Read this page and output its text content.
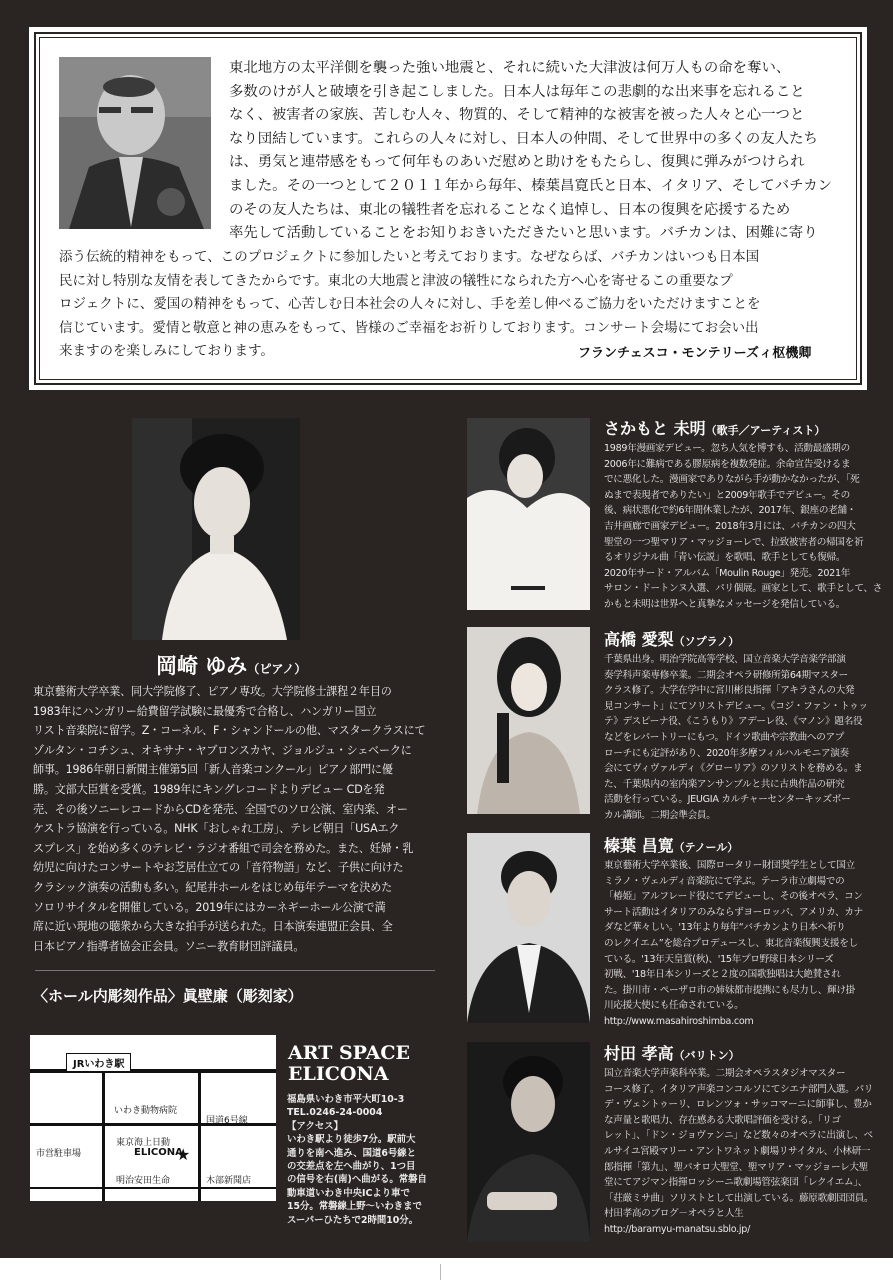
東北地方の太平洋側を襲った強い地震と、それに続いた大津波は何万人もの命を奪い、
多数のけが人と破壊を引き起こしました。日本人は毎年この悲劇的な出来事を忘れること
なく、被害者の家族、苦しむ人々、物質的、そして精神的な被害を被った人々と心一つと
なり団結しています。これらの人々に対し、日本人の仲間、そして世界中の多くの友人たち
は、勇気と連帯感をもって何年ものあいだ慰めと助けをもたらし、復興に弾みがつけられ
ました。その一つとして２０１１年から毎年、榛葉昌寛氏と日本、イタリア、そしてバチカン
のその友人たちは、東北の犠牲者を忘れることなく追悼し、日本の復興を応援するため
率先して活動していることをお知りおきいただきたいと思います。バチカンは、困難に寄り
添う伝統的精神をもって、このプロジェクトに参加したいと考えております。なぜならば、バチカンはいつも日本国
民に対し特別な友情を表してきたからです。東北の大地震と津波の犠牲になられた方へ心を寄せるこの重要なプ
ロジェクトに、愛国の精神をもって、心苦しむ日本社会の人々に対し、手を差し伸べるご協力をいただけますことを
信じています。愛情と敬意と神の恵みをもって、皆様のご幸福をお祈りしております。コンサート会場にてお会い出
来ますのを楽しみにしております。	フランチェスコ・モンテリーズィ枢機卿
岡崎 ゆみ（ピアノ）
東京藝術大学卒業、同大学院修了、ピアノ専攻。大学院修士課程２年目の
1983年にハンガリー給費留学試験に最優秀で合格し、ハンガリー国立
リスト音楽院に留学。Z・コーネル、F・シャンドールの他、マスタークラスにて
ゾルタン・コチシュ、オキサナ・ヤブロンスカヤ、ジョルジュ・シェベークに
師事。1986年朝日新聞主催第5回「新人音楽コンクール」ピアノ部門に優
勝。文部大臣賞を受賞。1989年にキングレコードよりデビュー CDを発
売、その後ソニーレコードからCDを発売、全国でのソロ公演、室内楽、オー
ケストラ協演を行っている。NHK「おしゃれ工房」、テレビ朝日「USAエク
スプレス」を始め多くのテレビ・ラジオ番組で司会を務めた。また、妊婦・乳
幼児に向けたコンサートやお芝居仕立ての「音符物語」など、子供に向けた
クラシック演奏の活動も多い。紀尾井ホールをはじめ毎年テーマを決めた
ソロリサイタルを開催している。2019年にはカーネギーホール公演で満
席に近い現地の聴衆から大きな拍手が送られた。日本演奏連盟正会員、全
日本ピアノ指導者協会正会員。ソニー教育財団評議員。
〈ホール内彫刻作品〉眞壁廉（彫刻家）
JRいわき駅
いわき動物病院
国道6号線
市営駐車場
東京海上日動
ELICONA
★
明治安田生命	木部新聞店
ART SPACE
ELICONA
福島県いわき市平大町10-3
TEL.0246-24-0004
【アクセス】
いわき駅より徒歩7分。駅前大
通りを南へ進み、国道6号線と
の交差点を左へ曲がり、1つ目
の信号を右(南)へ曲がる。常磐自
動車道いわき中央ICより車で
15分。常磐線上野～いわきまで
スーパーひたちで2時間10分。
さかもと 未明（歌手／アーティスト）
1989年漫画家デビュー。忽ち人気を博すも、活動最盛期の
2006年に難病である膠原病を複数発症。余命宣告受けるま
でに悪化した。漫画家でありながら手が動かなかったが、「死
ぬまで表現者でありたい」と2009年歌手でデビュー。その
後、病状悪化で約6年間休業したが、2017年、銀座の老舗・
吉井画廊で画家デビュー。2018年3月には、バチカンの四大
聖堂の一つ聖マリア・マッジョーレで、拉致被害者の帰国を祈
るオリジナル曲「青い伝説」を歌唱、歌手としても復帰。
2020年サード・アルバム「Moulin Rouge」発売。2021年
サロン・ドートンヌ入選、パリ個展。画家として、歌手として、さ
かもと未明は世界へと真摯なメッセージを発信している。
高橋 愛梨（ソプラノ）
千葉県出身。明治学院高等学校、国立音楽大学音楽学部演
奏学科声楽専修卒業。二期会オペラ研修所第64期マスター
クラス修了。大学在学中に宮川彬良指揮「アキラさんの大発
見コンサート」にてソリストデビュー。《コジ・ファン・トゥッ
テ》デスピーナ役、《こうもり》アデーレ役、《マノン》題名役
などをレパートリーにもつ。ドイツ歌曲や宗教曲へのアプ
ローチにも定評があり、2020年多摩フィルハルモニア演奏
会にてヴィヴァルディ《グローリア》のソリストを務める。ま
た、千葉県内の室内楽アンサンブルと共に古典作品の研究
活動を行っている。JEUGIA カルチャーセンターキッズボー
カル講師。二期会準会員。
榛葉 昌寛（テノール）
東京藝術大学卒業後、国際ロータリー財団奨学生として国立
ミラノ・ヴェルディ音楽院にて学ぶ。テーラ市立劇場での
「椿姫」アルフレード役にてデビューし、その後オペラ、コン
サート活動はイタリアのみならずヨーロッパ、アメリカ、カナ
ダなど華々しい。'13年より毎年“バチカンより日本へ祈り
のレクイエム”を総合プロデュースし、東北音楽復興支援をし
ている。'13年天皇賞(秋)、'15年プロ野球日本シリーズ
初戦、'18年日本シリーズと２度の国歌独唱は大絶賛され
た。掛川市・ペーザロ市の姉妹都市提携にも尽力し、輝け掛
川応援大使にも任命されている。
http://www.masahiroshimba.com
村田 孝高（バリトン）
国立音楽大学声楽科卒業。二期会オペラスタジオマスター
コース修了。イタリア声楽コンコルソにてシエナ部門入選。パリ
デ・ヴェントゥーリ、ロレンツォ・サッコマーニに師事し、豊か
な声量と歌唱力、存在感ある大歌唱評価を受ける。「リゴ
レット」、「ドン・ジョヴァンニ」など数々のオペラに出演し、ベ
ルサイユ宮殿マリー・アントワネット劇場リサイタル、小林研一
郎指揮「第九」、聖パオロ大聖堂、聖マリア・マッジョーレ大聖
堂にてアジマン指揮ロッシーニ歌劇場管弦楽団「レクイエム」、
「荘厳ミサ曲」ソリストとして出演している。藤原歌劇団団員。
村田孝高のブログ－オペラと人生
http://baramyu-manatsu.sblo.jp/
